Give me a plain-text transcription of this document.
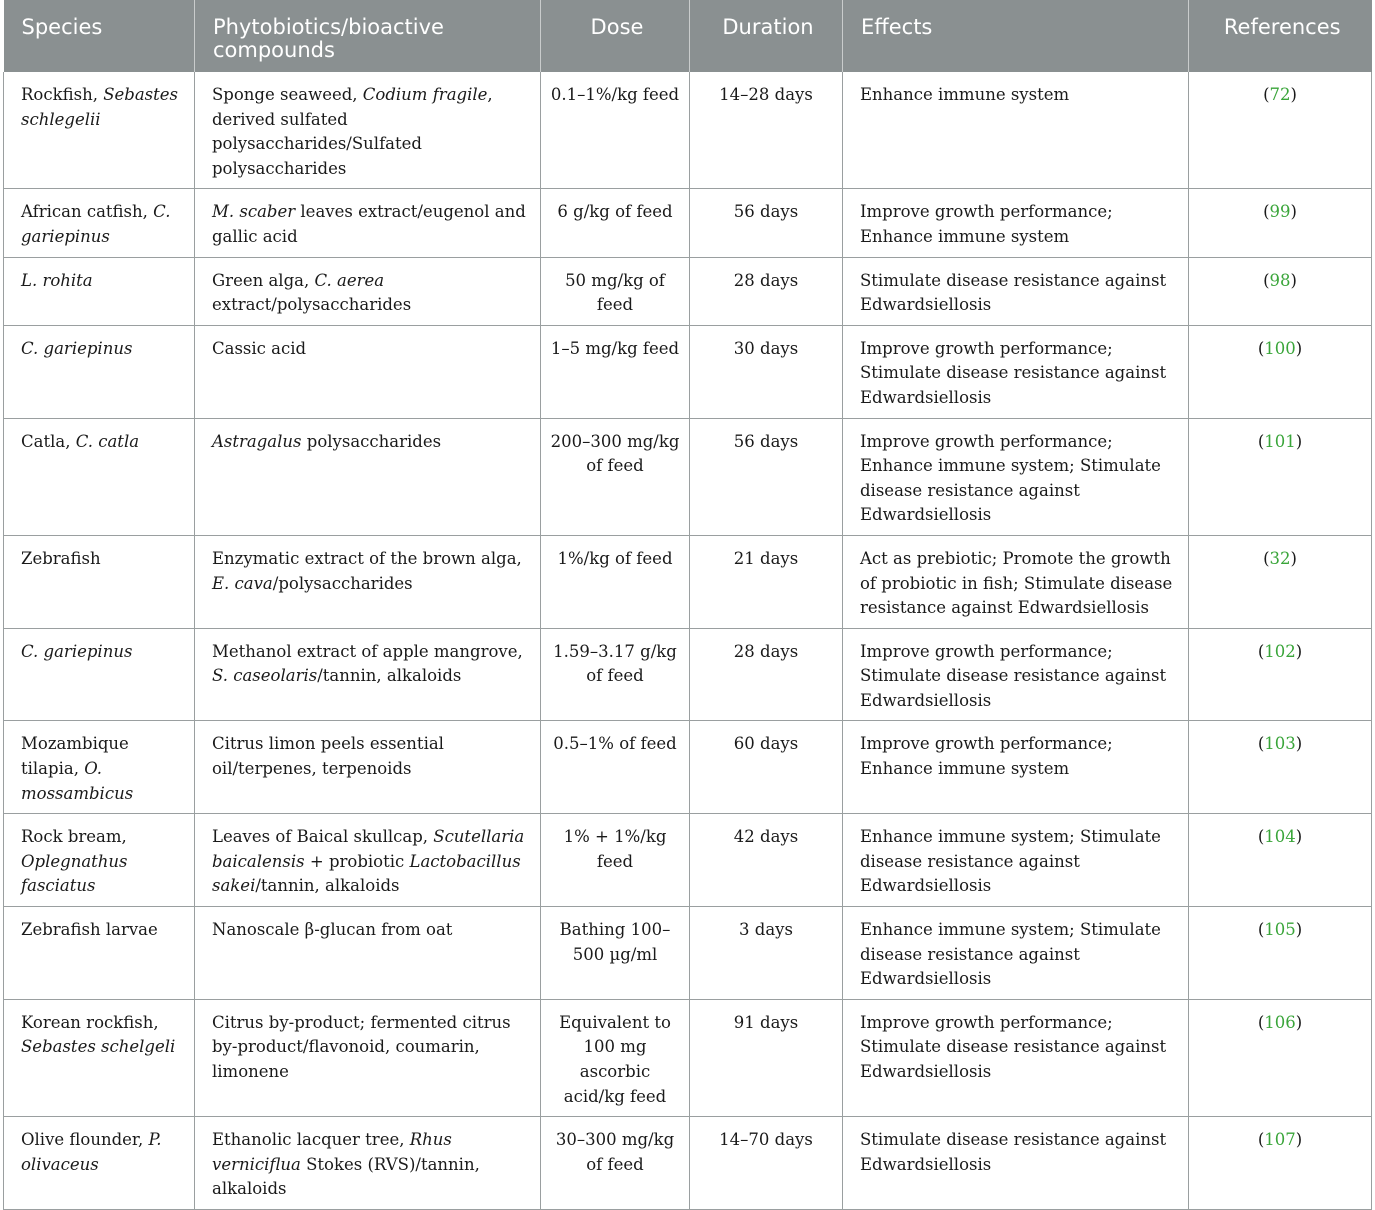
Species	Phytobiotics/bioactive compounds	Dose	Duration	Effects	References
Rockfish, Sebastes schlegelii	Sponge seaweed, Codium fragile, derived sulfated polysaccharides/Sulfated polysaccharides	0.1–1%/kg feed	14–28 days	Enhance immune system	(72)
African catfish, C. gariepinus	M. scaber leaves extract/eugenol and gallic acid	6 g/kg of feed	56 days	Improve growth performance; Enhance immune system	(99)
L. rohita	Green alga, C. aerea extract/polysaccharides	50 mg/kg of feed	28 days	Stimulate disease resistance against Edwardsiellosis	(98)
C. gariepinus	Cassic acid	1–5 mg/kg feed	30 days	Improve growth performance; Stimulate disease resistance against Edwardsiellosis	(100)
Catla, C. catla	Astragalus polysaccharides	200–300 mg/kg of feed	56 days	Improve growth performance; Enhance immune system; Stimulate disease resistance against Edwardsiellosis	(101)
Zebrafish	Enzymatic extract of the brown alga, E. cava/polysaccharides	1%/kg of feed	21 days	Act as prebiotic; Promote the growth of probiotic in fish; Stimulate disease resistance against Edwardsiellosis	(32)
C. gariepinus	Methanol extract of apple mangrove, S. caseolaris/tannin, alkaloids	1.59–3.17 g/kg of feed	28 days	Improve growth performance; Stimulate disease resistance against Edwardsiellosis	(102)
Mozambique tilapia, O. mossambicus	Citrus limon peels essential oil/terpenes, terpenoids	0.5–1% of feed	60 days	Improve growth performance; Enhance immune system	(103)
Rock bream, Oplegnathus fasciatus	Leaves of Baical skullcap, Scutellaria baicalensis + probiotic Lactobacillus sakei/tannin, alkaloids	1% + 1%/kg feed	42 days	Enhance immune system; Stimulate disease resistance against Edwardsiellosis	(104)
Zebrafish larvae	Nanoscale β-glucan from oat	Bathing 100–500 µg/ml	3 days	Enhance immune system; Stimulate disease resistance against Edwardsiellosis	(105)
Korean rockfish, Sebastes schelgeli	Citrus by-product; fermented citrus by-product/flavonoid, coumarin, limonene	Equivalent to 100 mg ascorbic acid/kg feed	91 days	Improve growth performance; Stimulate disease resistance against Edwardsiellosis	(106)
Olive flounder, P. olivaceus	Ethanolic lacquer tree, Rhus verniciflua Stokes (RVS)/tannin, alkaloids	30–300 mg/kg of feed	14–70 days	Stimulate disease resistance against Edwardsiellosis	(107)
